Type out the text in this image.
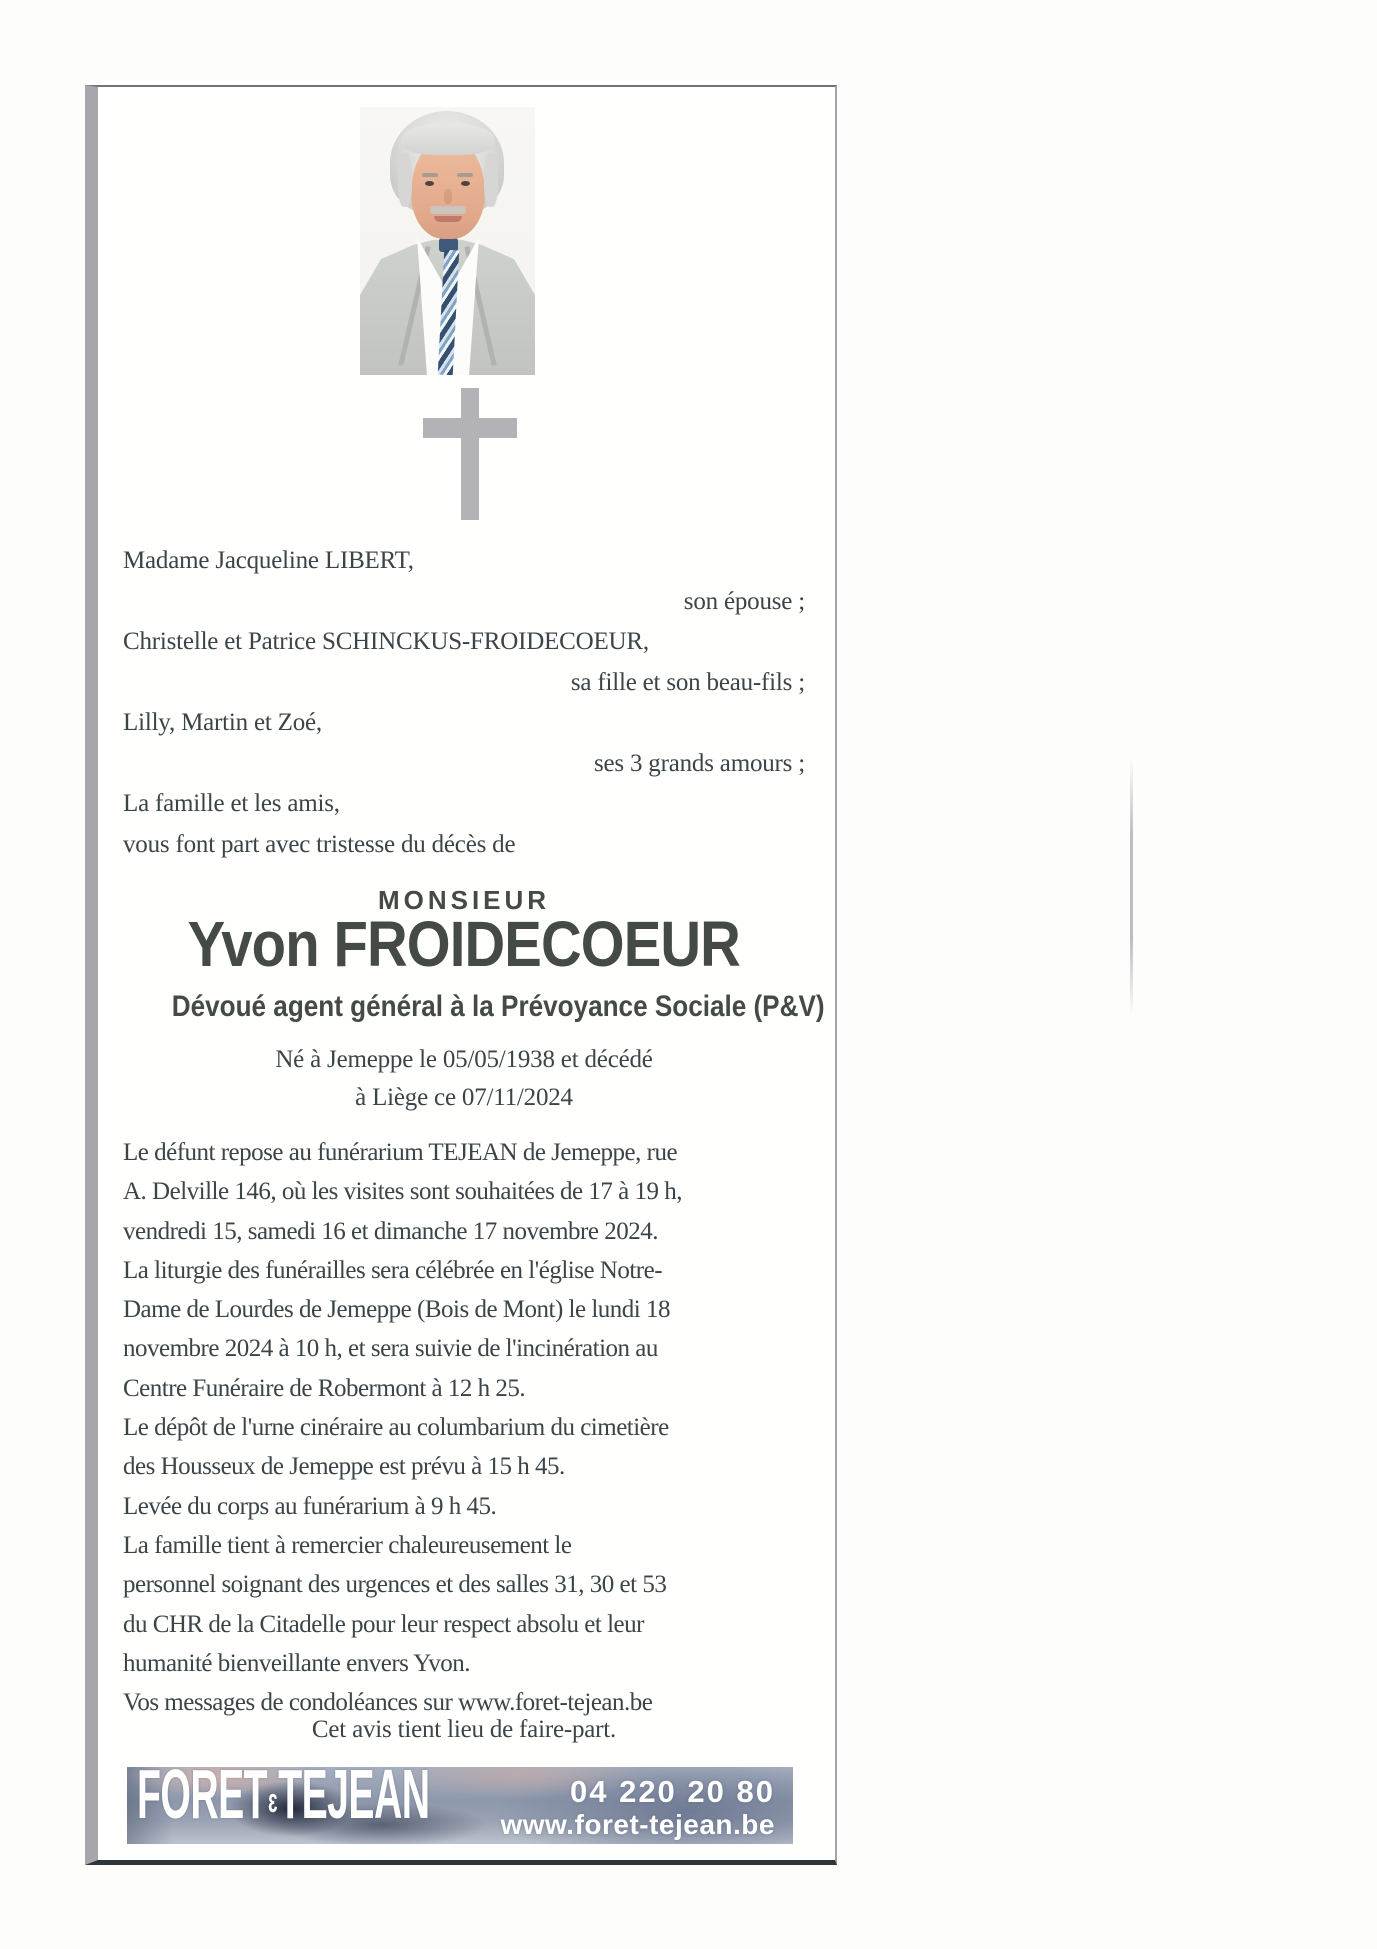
Madame Jacqueline LIBERT,
son épouse ;
Christelle et Patrice SCHINCKUS-FROIDECOEUR,
sa fille et son beau-fils ;
Lilly, Martin et Zoé,
ses 3 grands amours ;
La famille et les amis,
vous font part avec tristesse du décès de
MONSIEUR
Yvon FROIDECOEUR
Dévoué agent général à la Prévoyance Sociale (P&V)
Né à Jemeppe le 05/05/1938 et décédé
à Liège ce 07/11/2024
Le défunt repose au funérarium TEJEAN de Jemeppe, rue
A. Delville 146, où les visites sont souhaitées de 17 à 19 h,
vendredi 15, samedi 16 et dimanche 17 novembre 2024.
La liturgie des funérailles sera célébrée en l'église Notre-
Dame de Lourdes de Jemeppe (Bois de Mont) le lundi 18
novembre 2024 à 10 h, et sera suivie de l'incinération au
Centre Funéraire de Robermont à 12 h 25.
Le dépôt de l'urne cinéraire au columbarium du cimetière
des Housseux de Jemeppe est prévu à 15 h 45.
Levée du corps au funérarium à 9 h 45.
La famille tient à remercier chaleureusement le
personnel soignant des urgences et des salles 31, 30 et 53
du CHR de la Citadelle pour leur respect absolu et leur
humanité bienveillante envers Yvon.
Vos messages de condoléances sur www.foret-tejean.be
Cet avis tient lieu de faire-part.
FORETɛTEJEAN	04 220 20 80
www.foret-tejean.be
